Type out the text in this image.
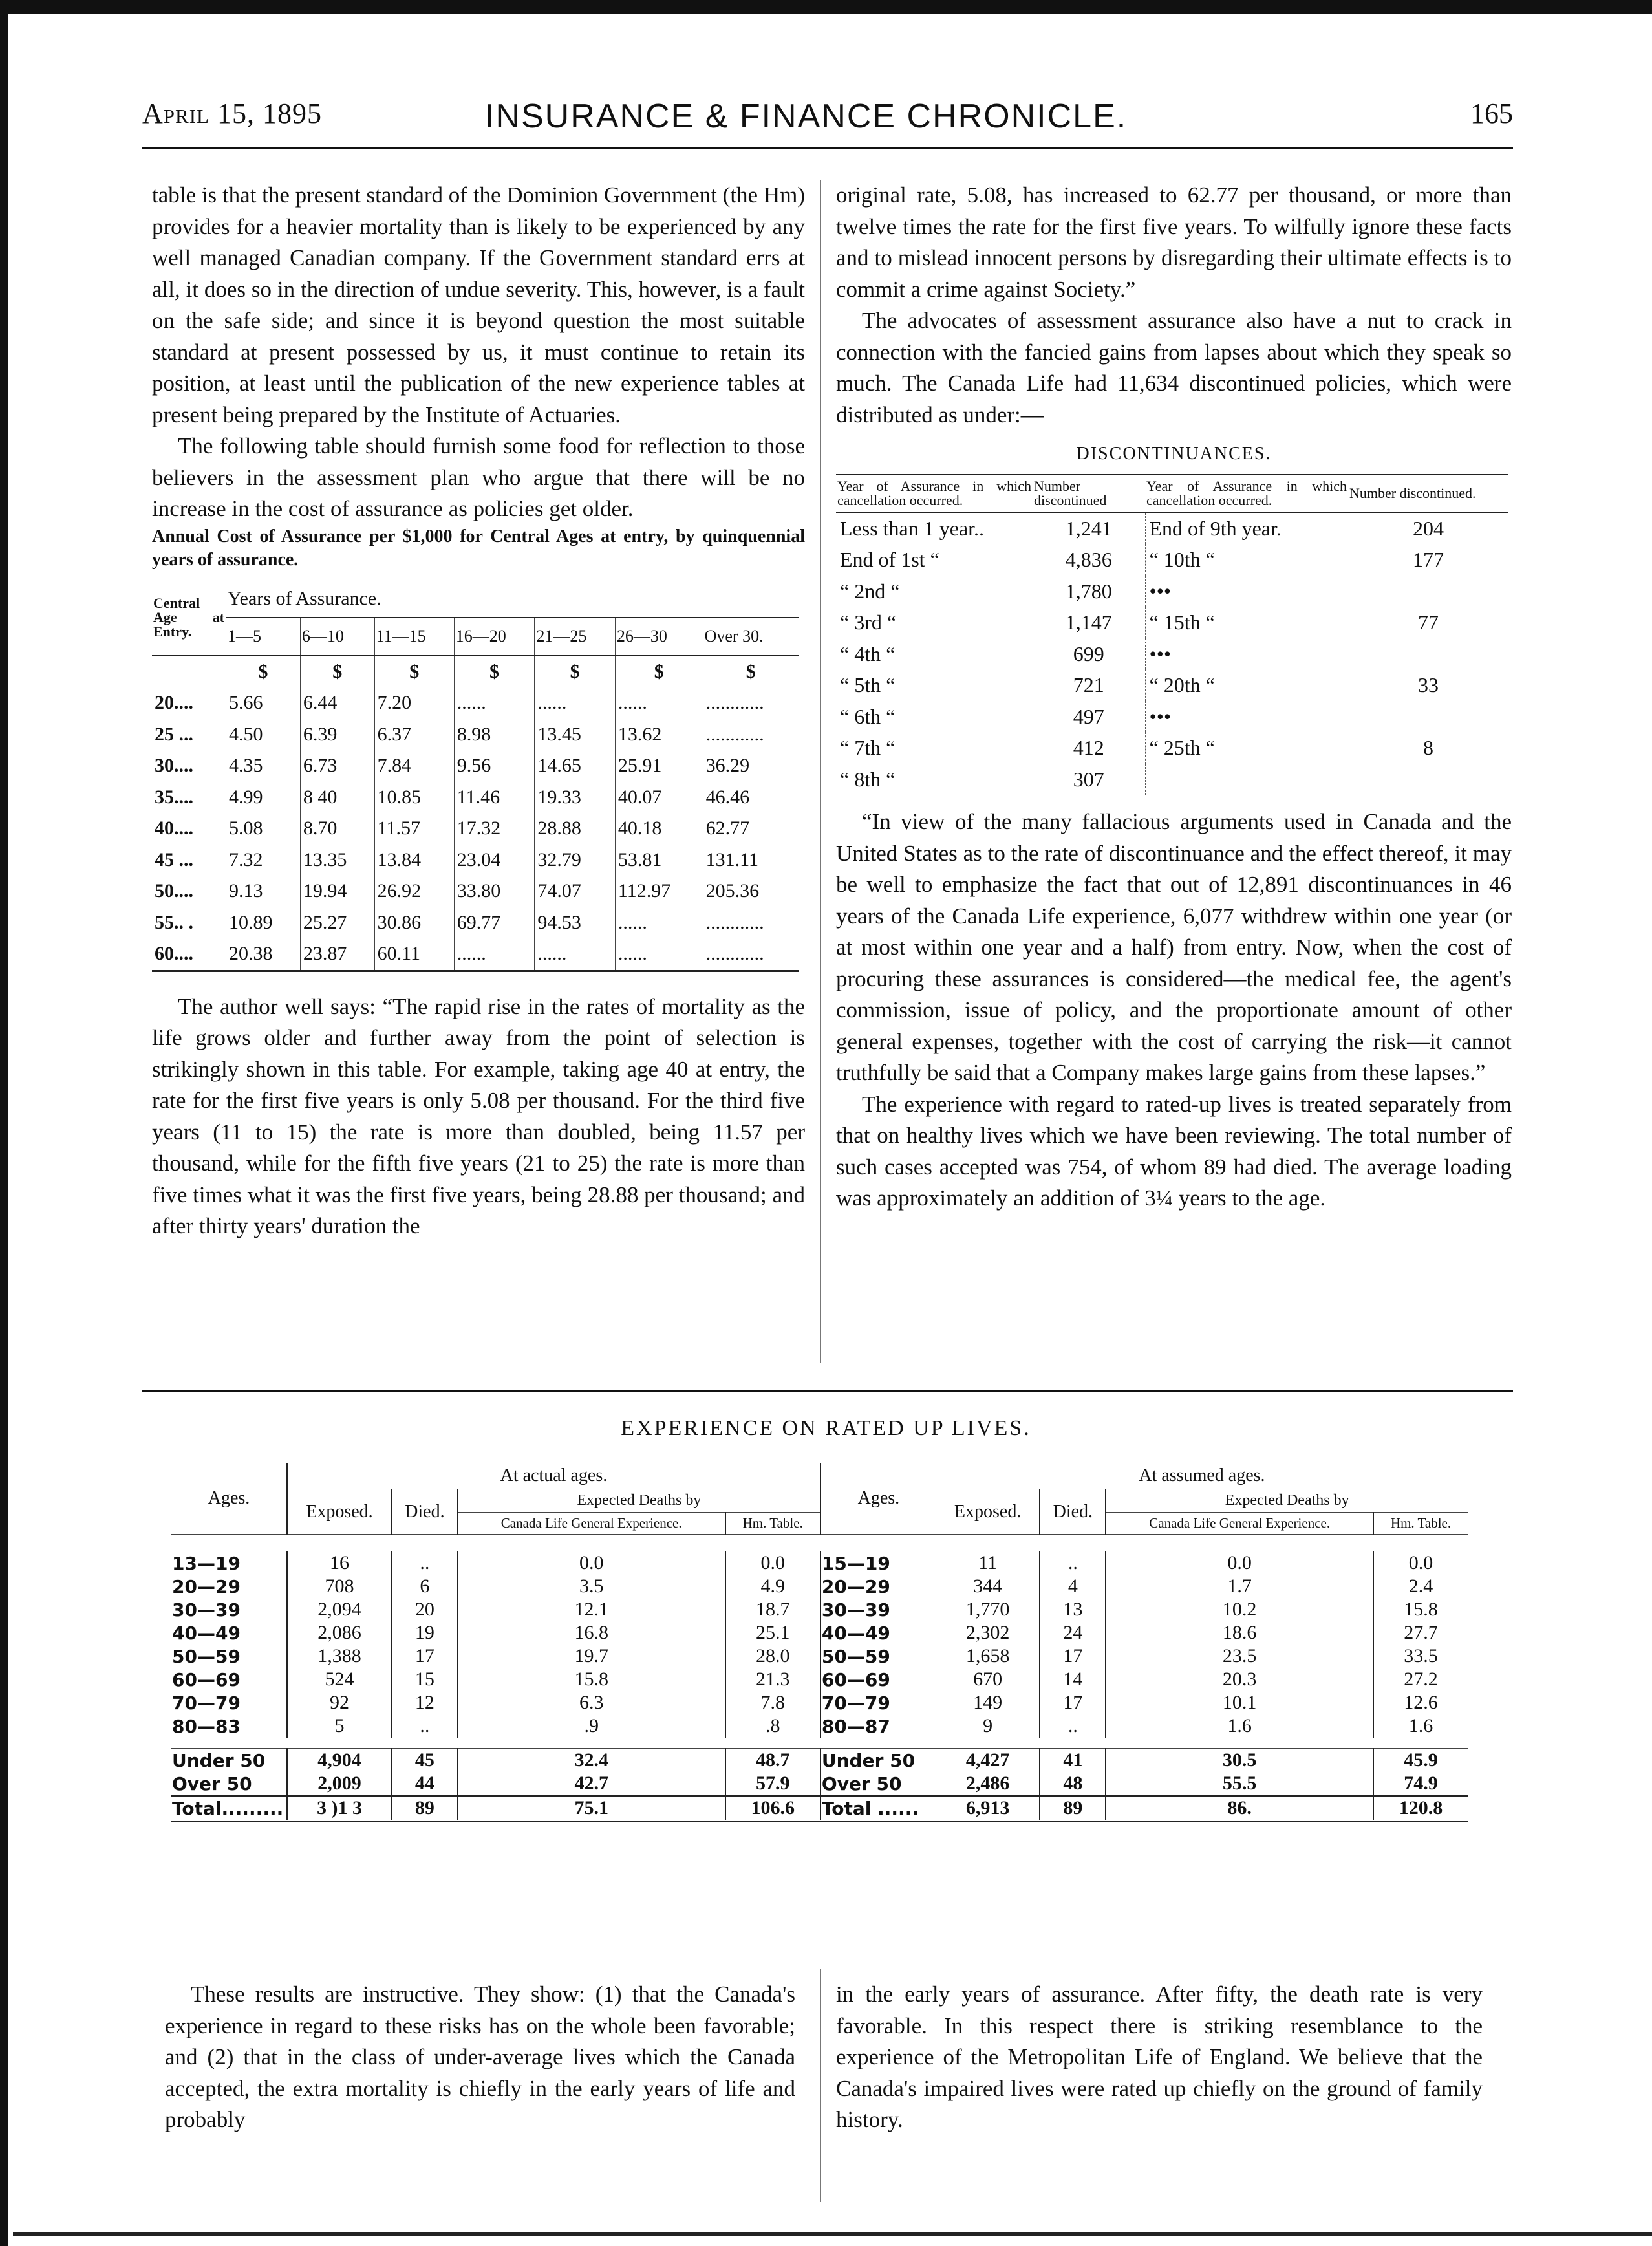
April 15, 1895	INSURANCE & FINANCE CHRONICLE.	165

table is that the present standard of the Dominion Government (the Hm) provides for a heavier mortality than is likely to be experienced by any well managed Canadian company. If the Government standard errs at all, it does so in the direction of undue severity. This, however, is a fault on the safe side; and since it is beyond question the most suitable standard at present possessed by us, it must continue to retain its position, at least until the publication of the new experience tables at present being prepared by the Institute of Actuaries.

The following table should furnish some food for reflection to those believers in the assessment plan who argue that there will be no increase in the cost of assurance as policies get older.

Annual Cost of Assurance per $1,000 for Central Ages at entry, by quinquennial years of assurance.

Central Age at Entry.	Years of Assurance.						
	1—5	6—10	11—15	16—20	21—25	26—30	Over 30.
	$	$	$	$	$	$	$
20....	5.66	6.44	7.20	......	......	......	............
25 ...	4.50	6.39	6.37	8.98	13.45	13.62	............
30....	4.35	6.73	7.84	9.56	14.65	25.91	36.29
35....	4.99	8 40	10.85	11.46	19.33	40.07	46.46
40....	5.08	8.70	11.57	17.32	28.88	40.18	62.77
45 ...	7.32	13.35	13.84	23.04	32.79	53.81	131.11
50....	9.13	19.94	26.92	33.80	74.07	112.97	205.36
55.. .	10.89	25.27	30.86	69.77	94.53	......	............
60....	20.38	23.87	60.11	......	......	......	............

The author well says: “The rapid rise in the rates of mortality as the life grows older and further away from the point of selection is strikingly shown in this table. For example, taking age 40 at entry, the rate for the first five years is only 5.08 per thousand. For the third five years (11 to 15) the rate is more than doubled, being 11.57 per thousand, while for the fifth five years (21 to 25) the rate is more than five times what it was the first five years, being 28.88 per thousand; and after thirty years' duration the

original rate, 5.08, has increased to 62.77 per thousand, or more than twelve times the rate for the first five years. To wilfully ignore these facts and to mislead innocent persons by disregarding their ultimate effects is to commit a crime against Society.”

The advocates of assessment assurance also have a nut to crack in connection with the fancied gains from lapses about which they speak so much. The Canada Life had 11,634 discontinued policies, which were distributed as under:—

DISCONTINUANCES.
Year of Assurance in which cancellation occurred.	Number discontinued	Year of Assurance in which cancellation occurred.	Number discontinued.
Less than 1 year..	1,241	End of 9th year.	204
End of 1st “	4,836	“ 10th “	177
“ 2nd “	1,780	•••	
“ 3rd “	1,147	“ 15th “	77
“ 4th “	699	•••	
“ 5th “	721	“ 20th “	33
“ 6th “	497	•••	
“ 7th “	412	“ 25th “	8
“ 8th “	307		

“In view of the many fallacious arguments used in Canada and the United States as to the rate of discontinuance and the effect thereof, it may be well to emphasize the fact that out of 12,891 discontinuances in 46 years of the Canada Life experience, 6,077 withdrew within one year (or at most within one year and a half) from entry. Now, when the cost of procuring these assurances is considered—the medical fee, the agent's commission, issue of policy, and the proportionate amount of other general expenses, together with the cost of carrying the risk—it cannot truthfully be said that a Company makes large gains from these lapses.”

The experience with regard to rated-up lives is treated separately from that on healthy lives which we have been reviewing. The total number of such cases accepted was 754, of whom 89 had died. The average loading was approximately an addition of 3¼ years to the age.

EXPERIENCE ON RATED UP LIVES.
Ages.	At actual ages.				Ages.	At assumed ages.			
	Exposed.	Died.	Expected Deaths by			Exposed.	Died.	Expected Deaths by	
			Canada Life General Experience.	Hm. Table.				Canada Life General Experience.	Hm. Table.

13—19	16	..	0.0	0.0	15—19	11	..	0.0	0.0
20—29	708	6	3.5	4.9	20—29	344	4	1.7	2.4
30—39	2,094	20	12.1	18.7	30—39	1,770	13	10.2	15.8
40—49	2,086	19	16.8	25.1	40—49	2,302	24	18.6	27.7
50—59	1,388	17	19.7	28.0	50—59	1,658	17	23.5	33.5
60—69	524	15	15.8	21.3	60—69	670	14	20.3	27.2
70—79	92	12	6.3	7.8	70—79	149	17	10.1	12.6
80—83	5	..	.9	.8	80—87	9	..	1.6	1.6

Under 50	4,904	45	32.4	48.7	Under 50	4,427	41	30.5	45.9
Over 50	2,009	44	42.7	57.9	Over 50	2,486	48	55.5	74.9
Total.........	3 )1 3	89	75.1	106.6	Total ......	6,913	89	86.	120.8

These results are instructive. They show: (1) that the Canada's experience in regard to these risks has on the whole been favorable; and (2) that in the class of under-average lives which the Canada accepted, the extra mortality is chiefly in the early years of life and probably

in the early years of assurance. After fifty, the death rate is very favorable. In this respect there is striking resemblance to the experience of the Metropolitan Life of England. We believe that the Canada's impaired lives were rated up chiefly on the ground of family history.
